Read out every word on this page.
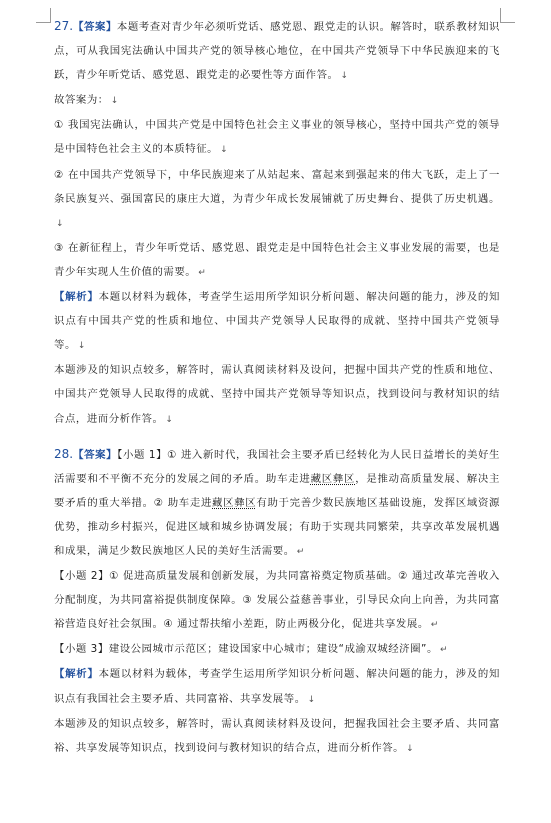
27.【答案】本题考查对青少年必须听党话、感党恩、跟党走的认识。解答时，联系教材知识点，可从我国宪法确认中国共产党的领导核心地位，在中国共产党领导下中华民族迎来的飞跃，青少年听党话、感党恩、跟党走的必要性等方面作答。 ↓

故答案为： ↓

① 我国宪法确认，中国共产党是中国特色社会主义事业的领导核心，坚持中国共产党的领导是中国特色社会主义的本质特征。 ↓

② 在中国共产党领导下，中华民族迎来了从站起来、富起来到强起来的伟大飞跃，走上了一条民族复兴、强国富民的康庄大道，为青少年成长发展铺就了历史舞台、提供了历史机遇。↓

③ 在新征程上，青少年听党话、感党恩、跟党走是中国特色社会主义事业发展的需要，也是青少年实现人生价值的需要。 ↵

【解析】本题以材料为载体，考查学生运用所学知识分析问题、解决问题的能力，涉及的知识点有中国共产党的性质和地位、中国共产党领导人民取得的成就、坚持中国共产党领导等。 ↓

本题涉及的知识点较多，解答时，需认真阅读材料及设问，把握中国共产党的性质和地位、中国共产党领导人民取得的成就、坚持中国共产党领导等知识点，找到设问与教材知识的结合点，进而分析作答。 ↓

28.【答案】【小题 1】① 进入新时代，我国社会主要矛盾已经转化为人民日益增长的美好生活需要和不平衡不充分的发展之间的矛盾。助车走进藏区彝区，是推动高质量发展、解决主要矛盾的重大举措。② 助车走进藏区彝区有助于完善少数民族地区基础设施，发挥区域资源优势，推动乡村振兴，促进区域和城乡协调发展；有助于实现共同繁荣，共享改革发展机遇和成果，满足少数民族地区人民的美好生活需要。 ↵

【小题 2】① 促进高质量发展和创新发展，为共同富裕奠定物质基础。② 通过改革完善收入分配制度，为共同富裕提供制度保障。③ 发展公益慈善事业，引导民众向上向善，为共同富裕营造良好社会氛围。④ 通过帮扶缩小差距，防止两极分化，促进共享发展。 ↵

【小题 3】建设公园城市示范区；建设国家中心城市；建设“成渝双城经济圈”。 ↵

【解析】本题以材料为载体，考查学生运用所学知识分析问题、解决问题的能力，涉及的知识点有我国社会主要矛盾、共同富裕、共享发展等。 ↓

本题涉及的知识点较多，解答时，需认真阅读材料及设问，把握我国社会主要矛盾、共同富裕、共享发展等知识点，找到设问与教材知识的结合点，进而分析作答。 ↓
